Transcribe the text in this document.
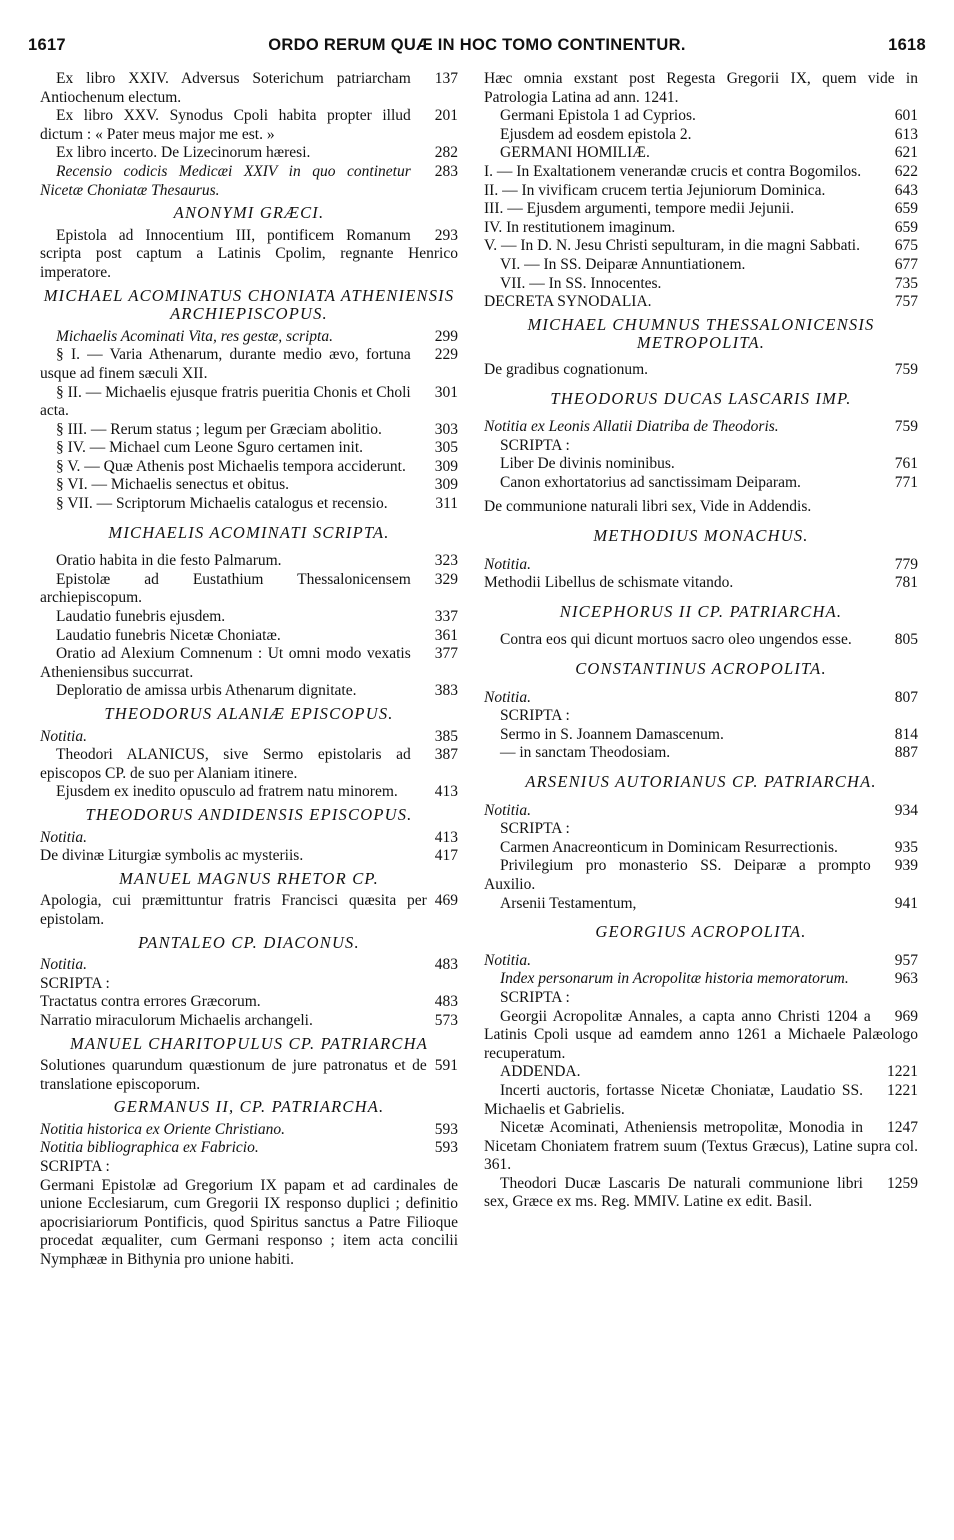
1617	ORDO RERUM QUÆ IN HOC TOMO CONTINENTUR.	1618
137
Ex libro XXIV. Adversus Soterichum patriarcham Antiochenum electum.
201
Ex libro XXV. Synodus Cpoli habita propter illud dictum : « Pater meus major me est. »
282
Ex libro incerto. De Lizecinorum hæresi.
283
Recensio codicis Medicæi XXIV in quo continetur Nicetæ Choniatæ Thesaurus.
ANONYMI GRÆCI.
293
Epistola ad Innocentium III, pontificem Romanum scripta post captum a Latinis Cpolim, regnante Henrico imperatore.
MICHAEL ACOMINATUS CHONIATA ATHENIENSIS ARCHIEPISCOPUS.
299
Michaelis Acominati Vita, res gestæ, scripta.
229
§ I. — Varia Athenarum, durante medio ævo, fortuna usque ad finem sæculi XII.
301
§ II. — Michaelis ejusque fratris pueritia Chonis et Choli acta.
303
§ III. — Rerum status ; legum per Græciam abolitio.
305
§ IV. — Michael cum Leone Sguro certamen init.
309
§ V. — Quæ Athenis post Michaelis tempora acciderunt.
309
§ VI. — Michaelis senectus et obitus.
311
§ VII. — Scriptorum Michaelis catalogus et recensio.
MICHAELIS ACOMINATI SCRIPTA.
323
Oratio habita in die festo Palmarum.
329
Epistolæ ad Eustathium Thessalonicensem archiepiscopum.
337
Laudatio funebris ejusdem.
361
Laudatio funebris Nicetæ Choniatæ.
377
Oratio ad Alexium Comnenum : Ut omni modo vexatis Atheniensibus succurrat.
383
Deploratio de amissa urbis Athenarum dignitate.
THEODORUS ALANIÆ EPISCOPUS.
385
Notitia.
387
Theodori ALANICUS, sive Sermo epistolaris ad episcopos CP. de suo per Alaniam itinere.
413
Ejusdem ex inedito opusculo ad fratrem natu minorem.
THEODORUS ANDIDENSIS EPISCOPUS.
413
Notitia.
417
De divinæ Liturgiæ symbolis ac mysteriis.
MANUEL MAGNUS RHETOR CP.
469
Apologia, cui præmittuntur fratris Francisci quæsita per epistolam.
PANTALEO CP. DIACONUS.
483
Notitia.
SCRIPTA :
483
Tractatus contra errores Græcorum.
573
Narratio miraculorum Michaelis archangeli.
MANUEL CHARITOPULUS CP. PATRIARCHA
591
Solutiones quarundum quæstionum de jure patronatus et de translatione episcoporum.
GERMANUS II, CP. PATRIARCHA.
593
Notitia historica ex Oriente Christiano.
593
Notitia bibliographica ex Fabricio.
SCRIPTA :
Germani Epistolæ ad Gregorium IX papam et ad cardinales de unione Ecclesiarum, cum Gregorii IX responso duplici ; definitio apocrisiariorum Pontificis, quod Spiritus sanctus a Patre Filioque procedat æqualiter, cum Germani responso ; item acta concilii Nymphææ in Bithynia pro unione habiti.
Hæc omnia exstant post Regesta Gregorii IX, quem vide in Patrologia Latina ad ann. 1241.
601
Germani Epistola 1 ad Cyprios.
613
Ejusdem ad eosdem epistola 2.
621
GERMANI HOMILIÆ.
622
I. — In Exaltationem venerandæ crucis et contra Bogomilos.
643
II. — In vivificam crucem tertia Jejuniorum Dominica.
659
III. — Ejusdem argumenti, tempore medii Jejunii.
659
IV. In restitutionem imaginum.
675
V. — In D. N. Jesu Christi sepulturam, in die magni Sabbati.
677
VI. — In SS. Deiparæ Annuntiationem.
735
VII. — In SS. Innocentes.
757
DECRETA SYNODALIA.
MICHAEL CHUMNUS THESSALONICENSIS METROPOLITA.
759
De gradibus cognationum.
THEODORUS DUCAS LASCARIS IMP.
759
Notitia ex Leonis Allatii Diatriba de Theodoris.
SCRIPTA :
761
Liber De divinis nominibus.
771
Canon exhortatorius ad sanctissimam Deiparam.
De communione naturali libri sex, Vide in Addendis.
METHODIUS MONACHUS.
779
Notitia.
781
Methodii Libellus de schismate vitando.
NICEPHORUS II CP. PATRIARCHA.
805
Contra eos qui dicunt mortuos sacro oleo ungendos esse.
CONSTANTINUS ACROPOLITA.
807
Notitia.
SCRIPTA :
814
Sermo in S. Joannem Damascenum.
887
— in sanctam Theodosiam.
ARSENIUS AUTORIANUS CP. PATRIARCHA.
934
Notitia.
SCRIPTA :
935
Carmen Anacreonticum in Dominicam Resurrectionis.
939
Privilegium pro monasterio SS. Deiparæ a prompto Auxilio.
941
Arsenii Testamentum,
GEORGIUS ACROPOLITA.
957
Notitia.
963
Index personarum in Acropolitæ historia memoratorum.
SCRIPTA :
969
Georgii Acropolitæ Annales, a capta anno Christi 1204 a Latinis Cpoli usque ad eamdem anno 1261 a Michaele Palæologo recuperatum.
1221
ADDENDA.
1221
Incerti auctoris, fortasse Nicetæ Choniatæ, Laudatio SS. Michaelis et Gabrielis.
1247
Nicetæ Acominati, Atheniensis metropolitæ, Monodia in Nicetam Choniatem fratrem suum (Textus Græcus), Latine supra col. 361.
1259
Theodori Ducæ Lascaris De naturali communione libri sex, Græce ex ms. Reg. MMIV. Latine ex edit. Basil.
